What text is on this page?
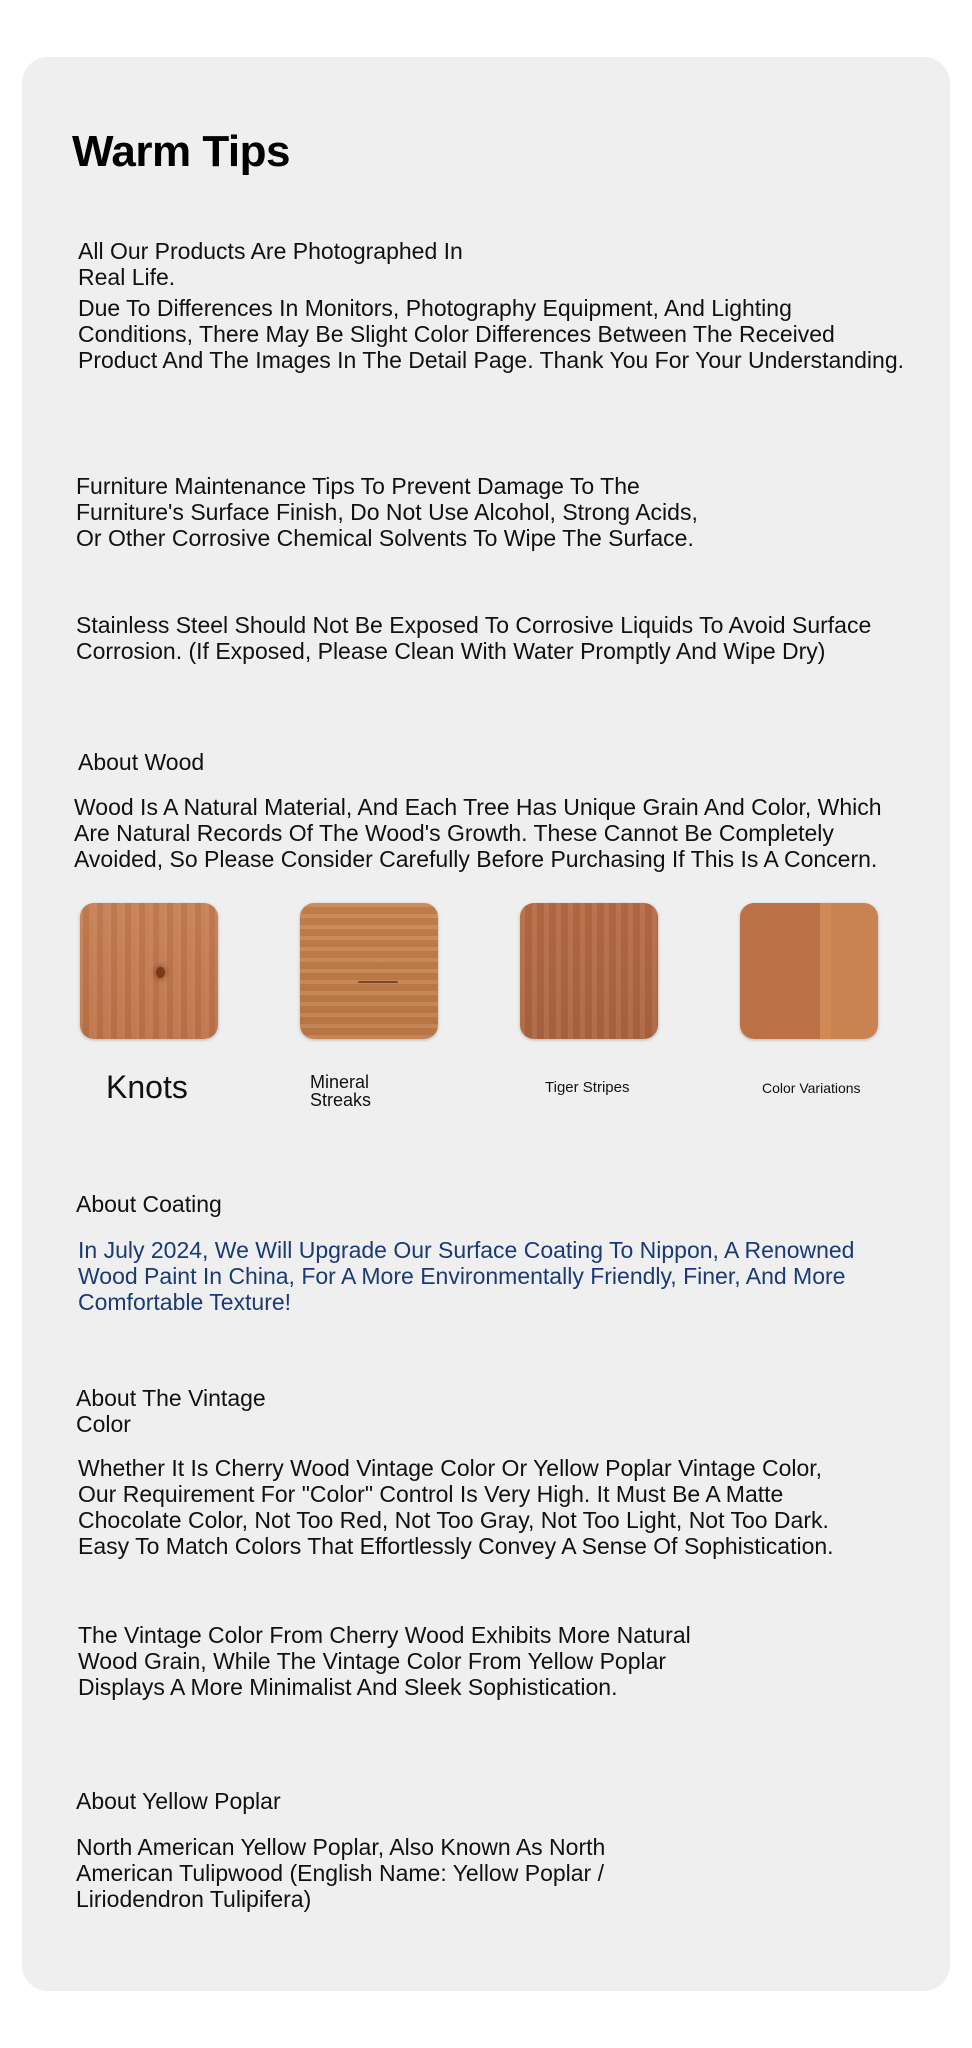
Warm Tips
All Our Products Are Photographed In
Real Life.
Due To Differences In Monitors, Photography Equipment, And Lighting
Conditions, There May Be Slight Color Differences Between The Received
Product And The Images In The Detail Page. Thank You For Your Understanding.
Furniture Maintenance Tips To Prevent Damage To The
Furniture's Surface Finish, Do Not Use Alcohol, Strong Acids,
Or Other Corrosive Chemical Solvents To Wipe The Surface.
Stainless Steel Should Not Be Exposed To Corrosive Liquids To Avoid Surface
Corrosion. (If Exposed, Please Clean With Water Promptly And Wipe Dry)
About Wood
Wood Is A Natural Material, And Each Tree Has Unique Grain And Color, Which
Are Natural Records Of The Wood's Growth. These Cannot Be Completely
Avoided, So Please Consider Carefully Before Purchasing If This Is A Concern.
Knots	Mineral
Streaks
Tiger Stripes	Color Variations
About Coating
In July 2024, We Will Upgrade Our Surface Coating To Nippon, A Renowned
Wood Paint In China, For A More Environmentally Friendly, Finer, And More
Comfortable Texture!
About The Vintage
Color
Whether It Is Cherry Wood Vintage Color Or Yellow Poplar Vintage Color,
Our Requirement For "Color" Control Is Very High. It Must Be A Matte
Chocolate Color, Not Too Red, Not Too Gray, Not Too Light, Not Too Dark.
Easy To Match Colors That Effortlessly Convey A Sense Of Sophistication.
The Vintage Color From Cherry Wood Exhibits More Natural
Wood Grain, While The Vintage Color From Yellow Poplar
Displays A More Minimalist And Sleek Sophistication.
About Yellow Poplar
North American Yellow Poplar, Also Known As North
American Tulipwood (English Name: Yellow Poplar /
Liriodendron Tulipifera)
